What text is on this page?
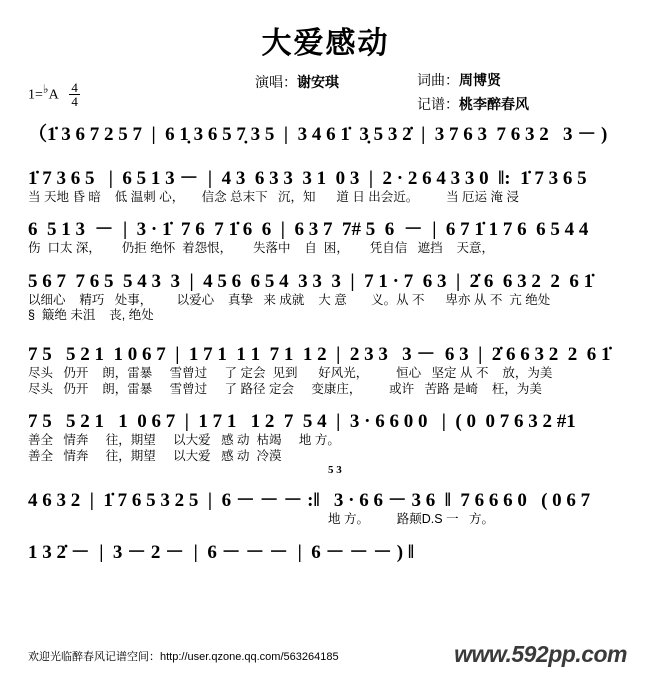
大爱感动
1=♭A $\frac{4}{4}$	演唱：谢安琪	词曲：周博贤
记谱：桃李醉春风
（1̇ 3 6 7 2 5 7  |  6 1̣ 3 6 5 7̣ 3 5  |  3 4 6 1̇  3̣ 5 3 2̇  |  3 7 6 3  7 6 3 2   3 － )
1̇ 7 3 6 5   |  6 5 1 3 －  |  4 3  6 3 3  3 1  0 3  |  2 · 2 6 4 3 3 0  ‖:  1̇ 7 3 6 5
当 天地 昏 暗    低 温刺 心，     信念 总末下   沉，知      道 日 出会近。        当 厄运 淹 浸
6  5 1 3  －  |  3 · 1̇  7 6  7 1̇ 6  6  |  6 3 7  7# 5  6  －  |  6 7 1̇ 1 7 6  6 5 4 4
伤  口太 深，      仍拒 绝怀  着怨恨，      失落中    自  困，      凭自信   遮挡    天意，
5 6 7  7 6 5  5 4 3  3  |  4 5 6  6 5 4  3 3  3  |  7 1 · 7  6 3  |  2̇ 6  6 3 2  2  6 1̇
以细心    精巧   处事，       以爱心    真挚   来 成就    大 意       义。从 不      卑亦 从 不  亢 绝处
§  簸绝 未沮    丧, 绝处
7 5   5 2 1  1 0 6 7  |  1 7 1  1 1  7 1  1 2  |  2 3 3   3 －  6 3  |  2̇ 6 6 3 2  2  6 1̇
尽头   仍开    朗，雷暴     雪曾过     了 定会  见到      好风光，        恒心   坚定 从 不    放，为美
尽头   仍开    朗，雷暴     雪曾过     了 路径 定会     变康庄，        或许   苦路 是崎    枉，为美
7 5   5 2 1   1  0 6 7  |  1 7 1   1 2  7  5 4  |  3 · 6 6 0 0   |  ( 0  0 7 6 3 2 #1
善全   情奔     往，期望     以大爱   感 动  枯竭     地 方。
善全   情奔     往，期望     以大爱   感 动  冷漠
5 3
4 6 3 2  |  1̇ 7 6 5 3 2 5  |  6 － － － :‖   3 · 6 6 － 3 6  ‖  7 6 6 6 0   ( 0 6 7
地 方。        路颠D.S 一   方。
1 3 2̇ －  |  3 － 2 －  |  6 － － －  |  6 － － － ) ‖
欢迎光临醉春风记谱空间：http://user.qzone.qq.com/563264185	www.592pp.com
